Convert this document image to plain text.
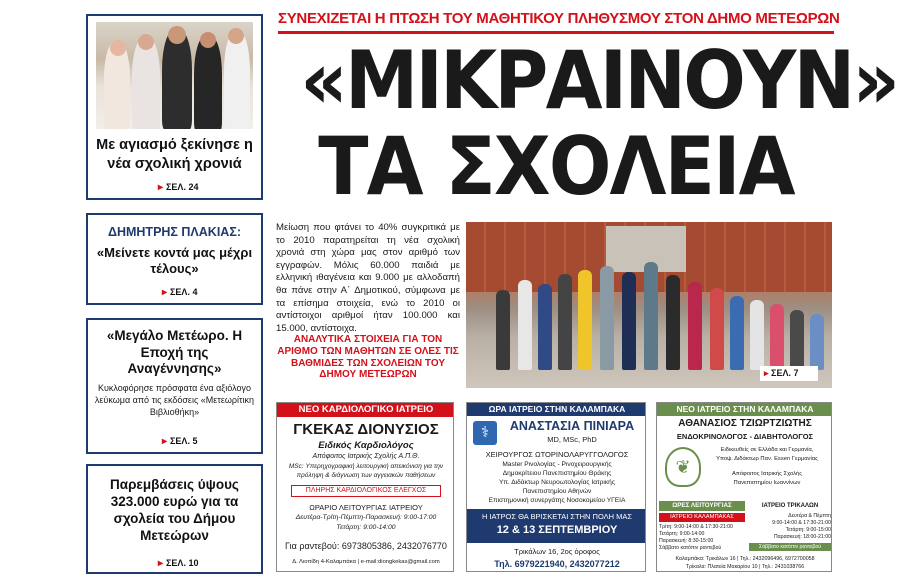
ΣΥΝΕΧΙΖΕΤΑΙ Η ΠΤΩΣΗ ΤΟΥ ΜΑΘΗΤΙΚΟΥ ΠΛΗΘΥΣΜΟΥ ΣΤΟΝ ΔΗΜΟ ΜΕΤΕΩΡΩΝ
«ΜΙΚΡΑΙΝΟΥΝ»
ΤΑ ΣΧΟΛΕΙΑ
Μείωση που φτάνει το 40% συγκριτικά με το 2010 παρατηρείται τη νέα σχολική χρονιά στη χώρα μας στον αριθμό των εγγραφών. Μόλις 60.000 παιδιά με ελληνική ιθαγένεια και 9.000 με αλλοδαπή θα πάνε στην Α΄ Δημοτικού, σύμφωνα με τα επίσημα στοιχεία, ενώ το 2010 οι αντίστοιχοι αριθμοί ήταν 100.000 και 15.000, αντίστοιχα.
ΑΝΑΛΥΤΙΚΑ ΣΤΟΙΧΕΙΑ ΓΙΑ ΤΟΝ ΑΡΙΘΜΟ ΤΩΝ ΜΑΘΗΤΩΝ ΣΕ ΟΛΕΣ ΤΙΣ ΒΑΘΜΙΔΕΣ ΤΩΝ ΣΧΟΛΕΙΩΝ ΤΟΥ ΔΗΜΟΥ ΜΕΤΕΩΡΩΝ	▸ ΣΕΛ. 7
Με αγιασμό ξεκίνησε η νέα σχολική χρονιά
▸ ΣΕΛ. 24
ΔΗΜΗΤΡΗΣ ΠΛΑΚΙΑΣ:
«Μείνετε κοντά μας μέχρι τέλους»
▸ ΣΕΛ. 4
«Μεγάλο Μετέωρο. Η Εποχή της Αναγέννησης»
Κυκλοφόρησε πρόσφατα ένα αξιόλογο λεύκωμα από τις εκδόσεις «Μετεωρίτικη Βιβλιοθήκη»
▸ ΣΕΛ. 5
Παρεμβάσεις ύψους 323.000 ευρώ για τα σχολεία του Δήμου Μετεώρων
▸ ΣΕΛ. 10
ΝΕΟ ΚΑΡΔΙΟΛΟΓΙΚΟ ΙΑΤΡΕΙΟ
ΓΚΕΚΑΣ ΔΙΟΝΥΣΙΟΣ
Ειδικός Καρδιολόγος
Απόφοιτος Ιατρικής Σχολής Α.Π.Θ.
MSc: Υπερηχογραφική λειτουργική απεικόνιση για την πρόληψη & διάγνωση των αγγειακών παθήσεων
ΠΛΗΡΗΣ ΚΑΡΔΙΟΛΟΓΙΚΟΣ ΕΛΕΓΧΟΣ
ΩΡΑΡΙΟ ΛΕΙΤΟΥΡΓΙΑΣ ΙΑΤΡΕΙΟΥ
Δευτέρα-Τρίτη-Πέμπτη-Παρασκευή: 9:00-17:00
Τετάρτη: 9:00-14:00
Για ραντεβού: 6973805386, 2432076770
Δ. Λιοπίδη 4-Καλαμπάκα | e-mail:diongkekas@gmail.com
ΩΡΑ ΙΑΤΡΕΙΟ ΣΤΗΝ ΚΑΛΑΜΠΑΚΑ
⚕	ΑΝΑΣΤΑΣΙΑ ΠΙΝΙΑΡΑ
MD, MSc, PhD
ΧΕΙΡΟΥΡΓΟΣ ΩΤΟΡΙΝΟΛΑΡΥΓΓΟΛΟΓΟΣ
Master Ρινολογίας - Ρινοχειρουργικής
Δημοκρίτειου Πανεπιστημίου Θράκης
Υπ. Διδάκτωρ Νευροωτολογίας Ιατρικής
Πανεπιστημίου Αθηνών
Επιστημονική συνεργάτης Νοσοκομείου ΥΓΕΙΑ
Η ΙΑΤΡΟΣ ΘΑ ΒΡΙΣΚΕΤΑΙ ΣΤΗΝ ΠΟΛΗ ΜΑΣ
12 & 13 ΣΕΠΤΕΜΒΡΙΟΥ
Τρικάλων 16, 2ος όροφος
Τηλ. 6979221940, 2432077212
ΝΕΟ ΙΑΤΡΕΙΟ ΣΤΗΝ ΚΑΛΑΜΠΑΚΑ
ΑΘΑΝΑΣΙΟΣ ΤΖΙΩΡΤΖΙΩΤΗΣ
ΕΝΔΟΚΡΙΝΟΛΟΓΟΣ - ΔΙΑΒΗΤΟΛΟΓΟΣ
❦
Ειδικευθείς σε Ελλάδα και Γερμανία,
Υποψ. Διδάκτωρ Παν. Essen Γερμανίας
Απόφοιτος Ιατρικής Σχολής
Πανεπιστημίου Ιωαννίνων
ΩΡΕΣ ΛΕΙΤΟΥΡΓΙΑΣ
ΙΑΤΡΕΙΟ ΚΑΛΑΜΠΑΚΑΣ
Τρίτη: 9:00-14:00 & 17:30-21:00
Τετάρτη: 9:00-14:00
Παρασκευή: 8:30-15:00
Σάββατο κατόπιν ραντεβού
ΙΑΤΡΕΙΟ ΤΡΙΚΑΛΩΝ
Δευτέρα & Πέμπτη
9:00-14:00 & 17:30-21:00
Τετάρτη: 9:00-15:00
Παρασκευή: 18:00-21:00
Σάββατο κατόπιν ραντεβού
Καλαμπάκα: Τρικάλων 16 | Τηλ.: 2432096496, 6972700058
Τρίκαλα: Πλατεία Μακαρίου 10 | Τηλ.: 2431038766
